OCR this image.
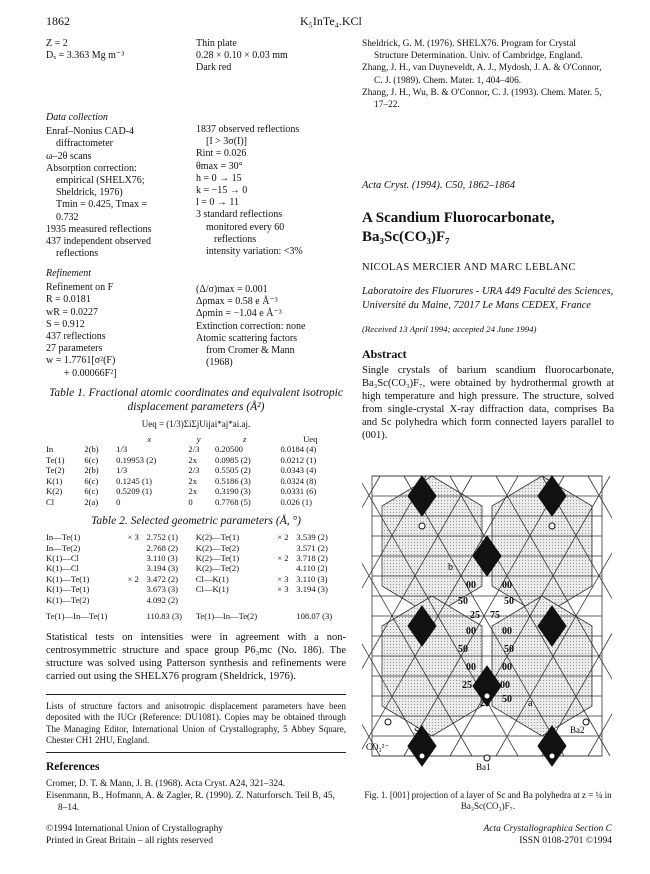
1862	K₅InTe₄.KCl
Z = 2
Dₓ = 3.363 Mg m⁻³
Thin plate
0.28 × 0.10 × 0.03 mm
Dark red
Data collection
Enraf–Nonius CAD-4
diffractometer
ω–2θ scans
Absorption correction:
empirical (SHELX76;
Sheldrick, 1976)
Tmin = 0.425, Tmax =
0.732
1935 measured reflections
437 independent observed
reflections
1837 observed reflections
[I > 3σ(I)]
Rint = 0.026
θmax = 30°
h = 0 → 15
k = −15 → 0
l = 0 → 11
3 standard reflections
monitored every 60
reflections
intensity variation: <3%
Refinement
Refinement on F
R = 0.0181
wR = 0.0227
S = 0.912
437 reflections
27 parameters
w = 1.7761[σ²(F)
+ 0.00066F²]
(Δ/σ)max = 0.001
Δρmax = 0.58 e Å⁻³
Δρmin = −1.04 e Å⁻³
Extinction correction: none
Atomic scattering factors
from Cromer & Mann
(1968)
Table 1. Fractional atomic coordinates and equivalent isotropic displacement parameters (Å²)
Ueq = (1/3)ΣiΣjUijai*aj*ai.aj.
		x	y	z	Ueq
In	2(b)	1/3	2/3	0.20500	0.0184 (4)
Te(1)	6(c)	0.19953 (2)	2x	0.0985 (2)	0.0212 (1)
Te(2)	2(b)	1/3	2/3	0.5505 (2)	0.0343 (4)
K(1)	6(c)	0.1245 (1)	2x	0.5186 (3)	0.0324 (8)
K(2)	6(c)	0.5209 (1)	2x	0.3190 (3)	0.0331 (6)
Cl	2(a)	0	0	0.7768 (5)	0.026 (1)
Table 2. Selected geometric parameters (Å, °)
In—Te(1)	× 3	2.752 (1)	K(2)—Te(1)	× 2	3.539 (2)
In—Te(2)		2.768 (2)	K(2)—Te(2)		3.571 (2)
K(1)—Cl		3.110 (3)	K(2)—Te(1)	× 2	3.718 (2)
K(1)—Cl		3.194 (3)	K(2)—Te(2)		4.110 (2)
K(1)—Te(1)	× 2	3.472 (2)	Cl—K(1)	× 3	3.110 (3)
K(1)—Te(1)		3.673 (3)	Cl—K(1)	× 3	3.194 (3)
K(1)—Te(2)		4.092 (2)			
Te(1)—In—Te(1)		110.83 (3)	Te(1)—In—Te(2)		108.07 (3)
Statistical tests on intensities were in agreement with a non-centrosymmetric structure and space group P6₃mc (No. 186). The structure was solved using Patterson synthesis and refinements were carried out using the SHELX76 program (Sheldrick, 1976).
Lists of structure factors and anisotropic displacement parameters have been deposited with the IUCr (Reference: DU1081). Copies may be obtained through The Managing Editor, International Union of Crystallography, 5 Abbey Square, Chester CH1 2HU, England.
References
Cromer, D. T. & Mann, J. B. (1968). Acta Cryst. A24, 321–324.
Eisenmann, B., Hofmann, A. & Zagler, R. (1990). Z. Naturforsch. Teil B, 45, 8–14.
©1994 International Union of Crystallography
Printed in Great Britain – all rights reserved
Sheldrick, G. M. (1976). SHELX76. Program for Crystal Structure Determination. Univ. of Cambridge, England.
Zhang, J. H., van Duyneveldt, A. J., Mydosh, J. A. & O'Connor, C. J. (1989). Chem. Mater. 1, 404–406.
Zhang, J. H., Wu, B. & O'Connor, C. J. (1993). Chem. Mater. 5, 17–22.
Acta Cryst. (1994). C50, 1862–1864
A Scandium Fluorocarbonate,
Ba₃Sc(CO₃)F₇
NICOLAS MERCIER AND MARC LEBLANC
Laboratoire des Fluorures - URA 449 Faculté des Sciences, Université du Maine, 72017 Le Mans CEDEX, France
(Received 13 April 1994; accepted 24 June 1994)
Abstract
Single crystals of barium scandium fluorocarbonate, Ba₃Sc(CO₃)F₇, were obtained by hydrothermal growth at high temperature and high pressure. The structure, solved from single-crystal X-ray diffraction data, comprises Ba and Sc polyhedra which form connected layers parallel to (001).
00	00
50	50
25 75
00	00
50
00	00
50
25	00
50
25
b
a
Sc
CO₃²⁻
Ba1
Ba2
Fig. 1. [001] projection of a layer of Sc and Ba polyhedra at z = ¼ in Ba₃Sc(CO₃)F₇.
Acta Crystallographica Section C
ISSN 0108-2701 ©1994
